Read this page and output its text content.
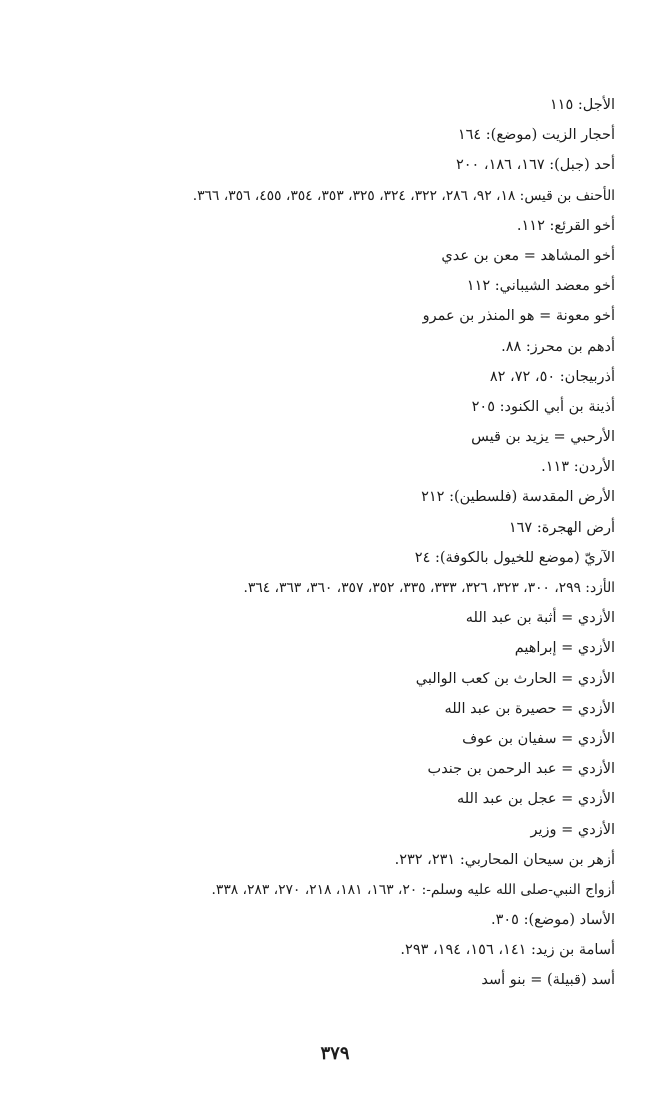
الأجل: ١١٥
أحجار الزيت (موضع): ١٦٤
أحد (جبل): ١٦٧، ١٨٦، ٢٠٠
الأحنف بن قيس: ١٨، ٩٢، ٢٨٦، ٣٢٢، ٣٢٤، ٣٢٥، ٣٥٣، ٣٥٤، ٤٥٥، ٣٥٦، ٣٦٦.
أخو القرئع: ١١٢.
أخو المشاهد = معن بن عدي
أخو معضد الشيباني: ١١٢
أخو معونة = هو المنذر بن عمرو
أدهم بن محرز: ٨٨.
أذربيجان: ٥٠، ٧٢، ٨٢
أذينة بن أبي الكنود: ٢٠٥
الأرحبي = يزيد بن قيس
الأردن: ١١٣.
الأرض المقدسة (فلسطين): ٢١٢
أرض الهجرة: ١٦٧
الآريّ (موضع للخيول بالكوفة): ٢٤
الأزد: ٢٩٩، ٣٠٠، ٣٢٣، ٣٢٦، ٣٣٣، ٣٣٥، ٣٥٢، ٣٥٧، ٣٦٠، ٣٦٣، ٣٦٤.
الأزدي = أثبة بن عبد الله
الأزدي = إبراهيم
الأزدي = الحارث بن كعب الوالبي
الأزدي = حصيرة بن عبد الله
الأزدي = سفيان بن عوف
الأزدي = عبد الرحمن بن جندب
الأزدي = عجل بن عبد الله
الأزدي = وزير
أزهر بن سيحان المحاربي: ٢٣١، ٢٣٢.
أزواج النبي-صلى الله عليه وسلم-: ٢٠، ١٦٣، ١٨١، ٢١٨، ٢٧٠، ٢٨٣، ٣٣٨.
الأساد (موضع): ٣٠٥.
أسامة بن زيد: ١٤١، ١٥٦، ١٩٤، ٢٩٣.
أسد (قبيلة) = بنو أسد
٣٧٩
